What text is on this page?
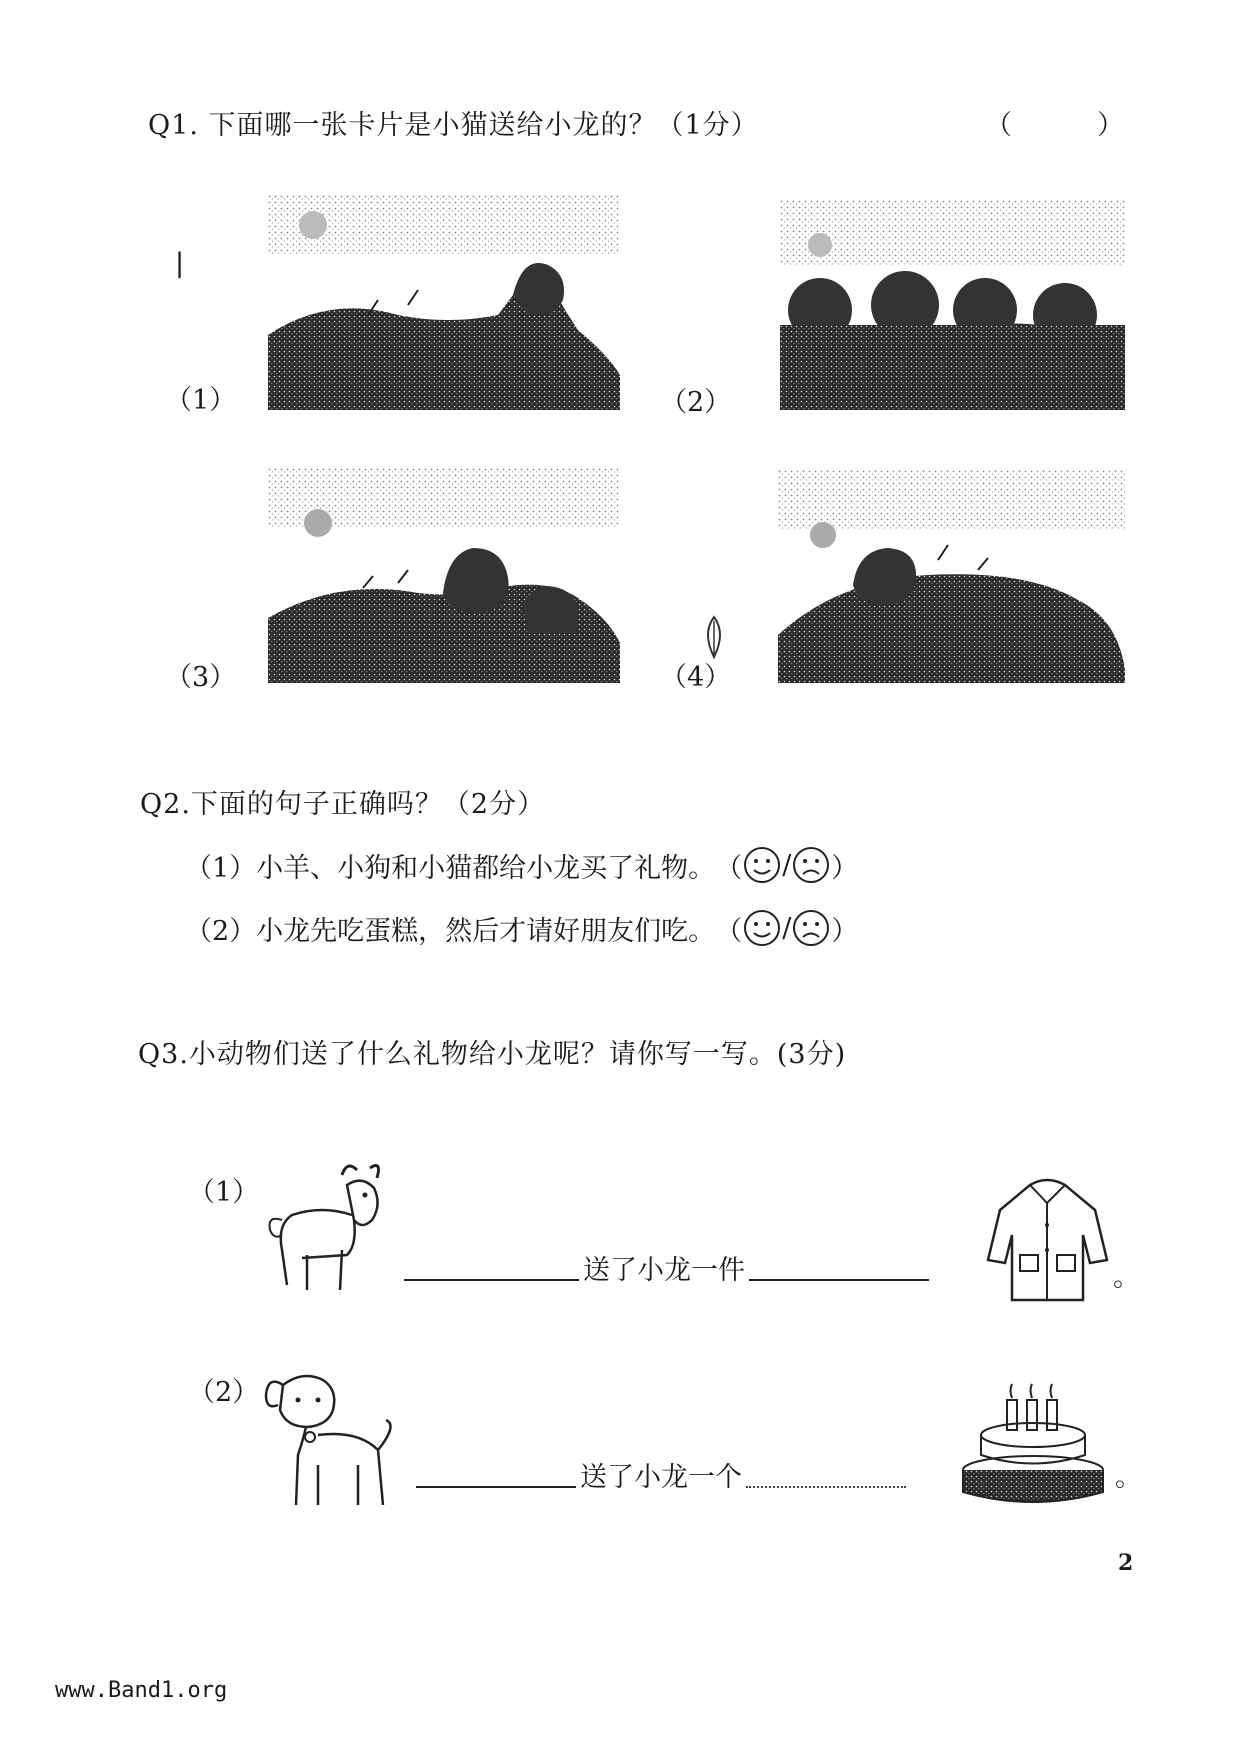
Q1. 下面哪一张卡片是小猫送给小龙的？（1分）	（　　　）
|
（1）	（2）
（3）	（4）
Q2.下面的句子正确吗？（2分）
（1）小羊、小狗和小猫都给小龙买了礼物。 （ / ）
（2）小龙先吃蛋糕，然后才请好朋友们吃。 （ / ）
Q3.小动物们送了什么礼物给小龙呢？请你写一写。(3分)
（1）
送了小龙一件	。
（2）
送了小龙一个	。
2
www.Band1.org
